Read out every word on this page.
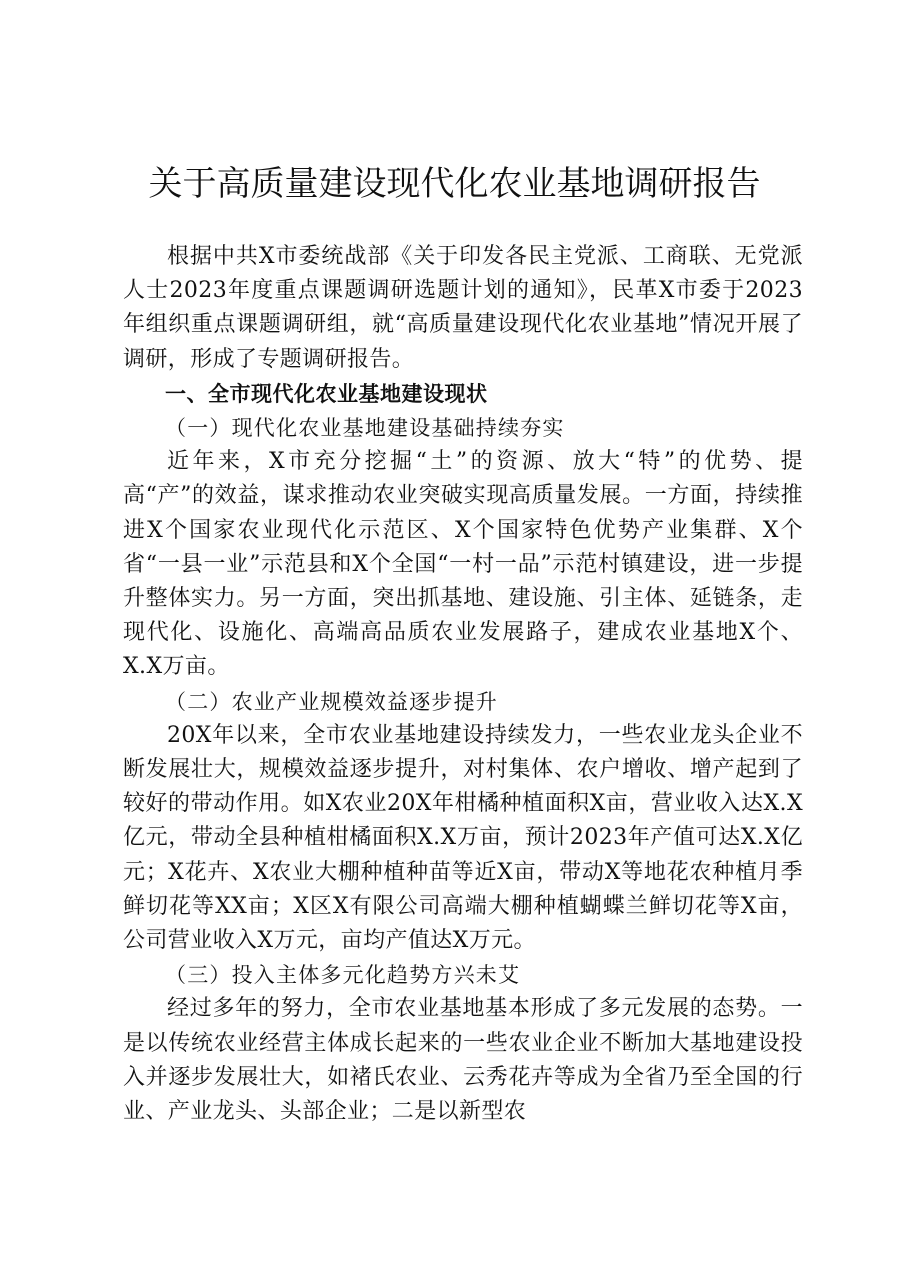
关于高质量建设现代化农业基地调研报告

根据中共X市委统战部《关于印发各民主党派、工商联、无党派人士2023年度重点课题调研选题计划的通知》，民革X市委于2023年组织重点课题调研组，就“高质量建设现代化农业基地”情况开展了调研，形成了专题调研报告。

一、全市现代化农业基地建设现状

（一）现代化农业基地建设基础持续夯实

近年来，X市充分挖掘“土”的资源、放大“特”的优势、提高“产”的效益，谋求推动农业突破实现高质量发展。一方面，持续推进X个国家农业现代化示范区、X个国家特色优势产业集群、X个省“一县一业”示范县和X个全国“一村一品”示范村镇建设，进一步提升整体实力。另一方面，突出抓基地、建设施、引主体、延链条，走现代化、设施化、高端高品质农业发展路子，建成农业基地X个、X.X万亩。

（二）农业产业规模效益逐步提升

20X年以来，全市农业基地建设持续发力，一些农业龙头企业不断发展壮大，规模效益逐步提升，对村集体、农户增收、增产起到了较好的带动作用。如X农业20X年柑橘种植面积X亩，营业收入达X.X亿元，带动全县种植柑橘面积X.X万亩，预计2023年产值可达X.X亿元；X花卉、X农业大棚种植种苗等近X亩，带动X等地花农种植月季鲜切花等XX亩；X区X有限公司高端大棚种植蝴蝶兰鲜切花等X亩，公司营业收入X万元，亩均产值达X万元。

（三）投入主体多元化趋势方兴未艾

经过多年的努力，全市农业基地基本形成了多元发展的态势。一是以传统农业经营主体成长起来的一些农业企业不断加大基地建设投入并逐步发展壮大，如褚氏农业、云秀花卉等成为全省乃至全国的行业、产业龙头、头部企业；二是以新型农
